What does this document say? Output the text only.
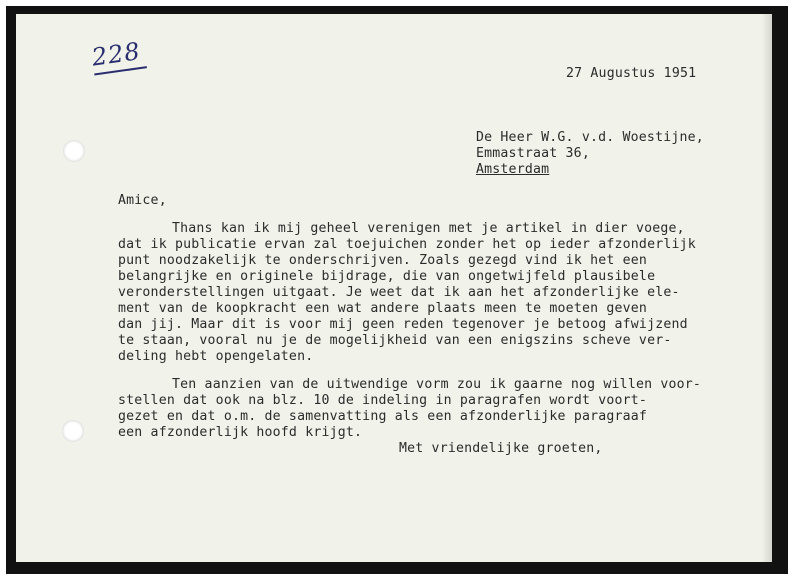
228
27 Augustus 1951
De Heer W.G. v.d. Woestijne,
Emmastraat 36,
Amsterdam
Amice,
Thans kan ik mij geheel verenigen met je artikel in dier voege,
dat ik publicatie ervan zal toejuichen zonder het op ieder afzonderlijk
punt noodzakelijk te onderschrijven. Zoals gezegd vind ik het een
belangrijke en originele bijdrage, die van ongetwijfeld plausibele
veronderstellingen uitgaat. Je weet dat ik aan het afzonderlijke ele-
ment van de koopkracht een wat andere plaats meen te moeten geven
dan jij. Maar dit is voor mij geen reden tegenover je betoog afwijzend
te staan, vooral nu je de mogelijkheid van een enigszins scheve ver-
deling hebt opengelaten.
Ten aanzien van de uitwendige vorm zou ik gaarne nog willen voor-
stellen dat ook na blz. 10 de indeling in paragrafen wordt voort-
gezet en dat o.m. de samenvatting als een afzonderlijke paragraaf
een afzonderlijk hoofd krijgt.
Met vriendelijke groeten,
